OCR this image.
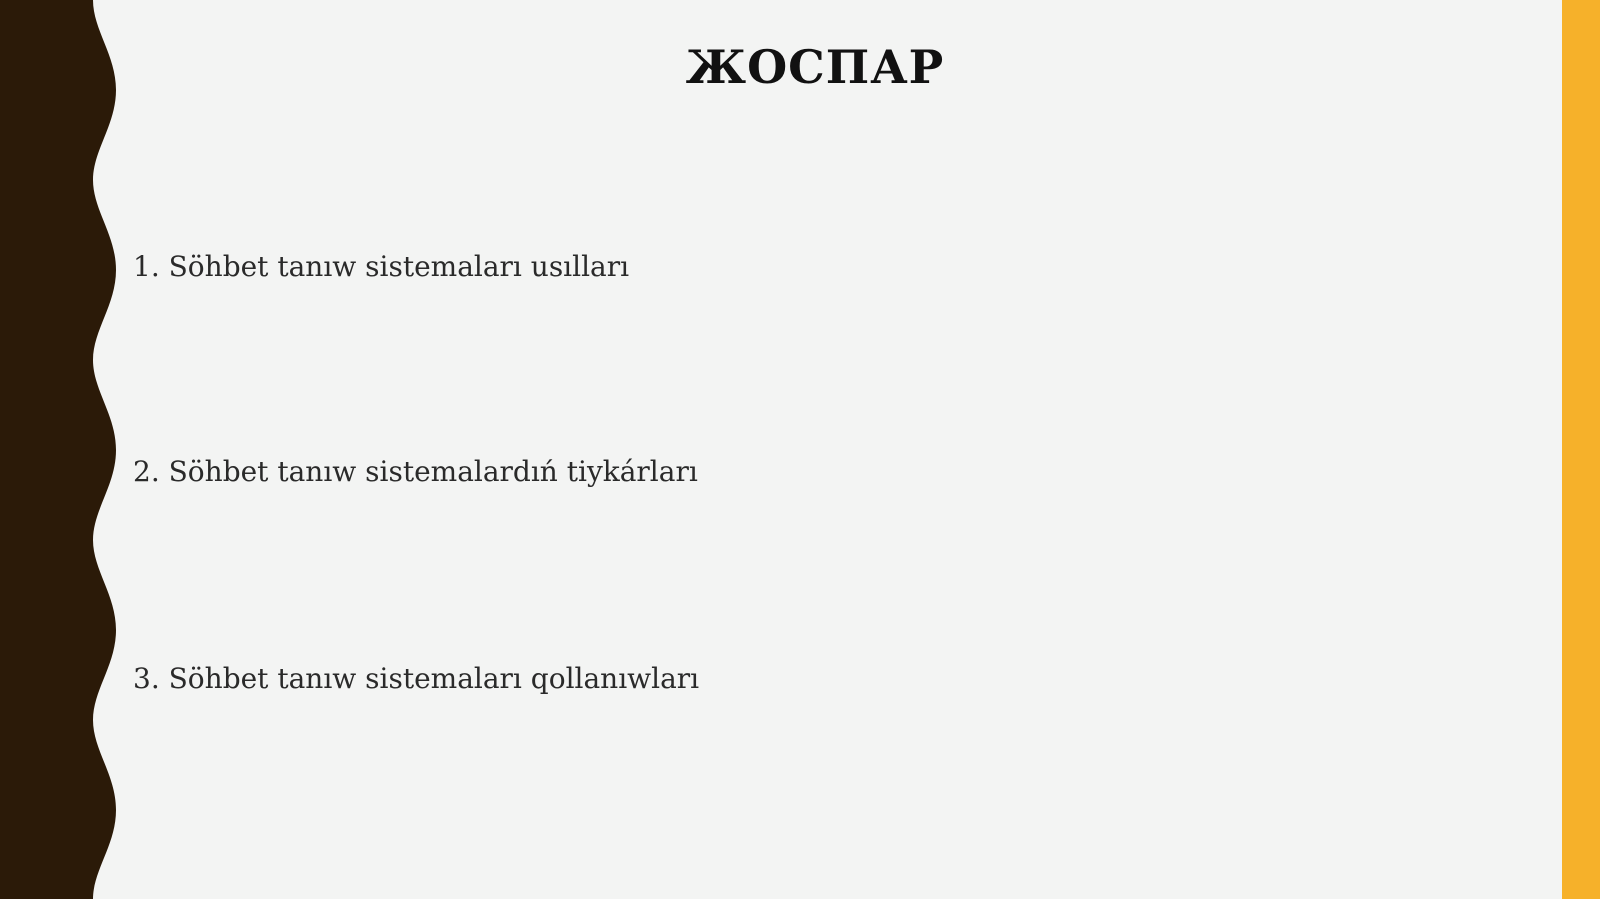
ЖОСПАР
1. Söhbet tanıw sistemaları usılları
2. Söhbet tanıw sistemalardıń tiykárları
3. Söhbet tanıw sistemaları qollanıwları
